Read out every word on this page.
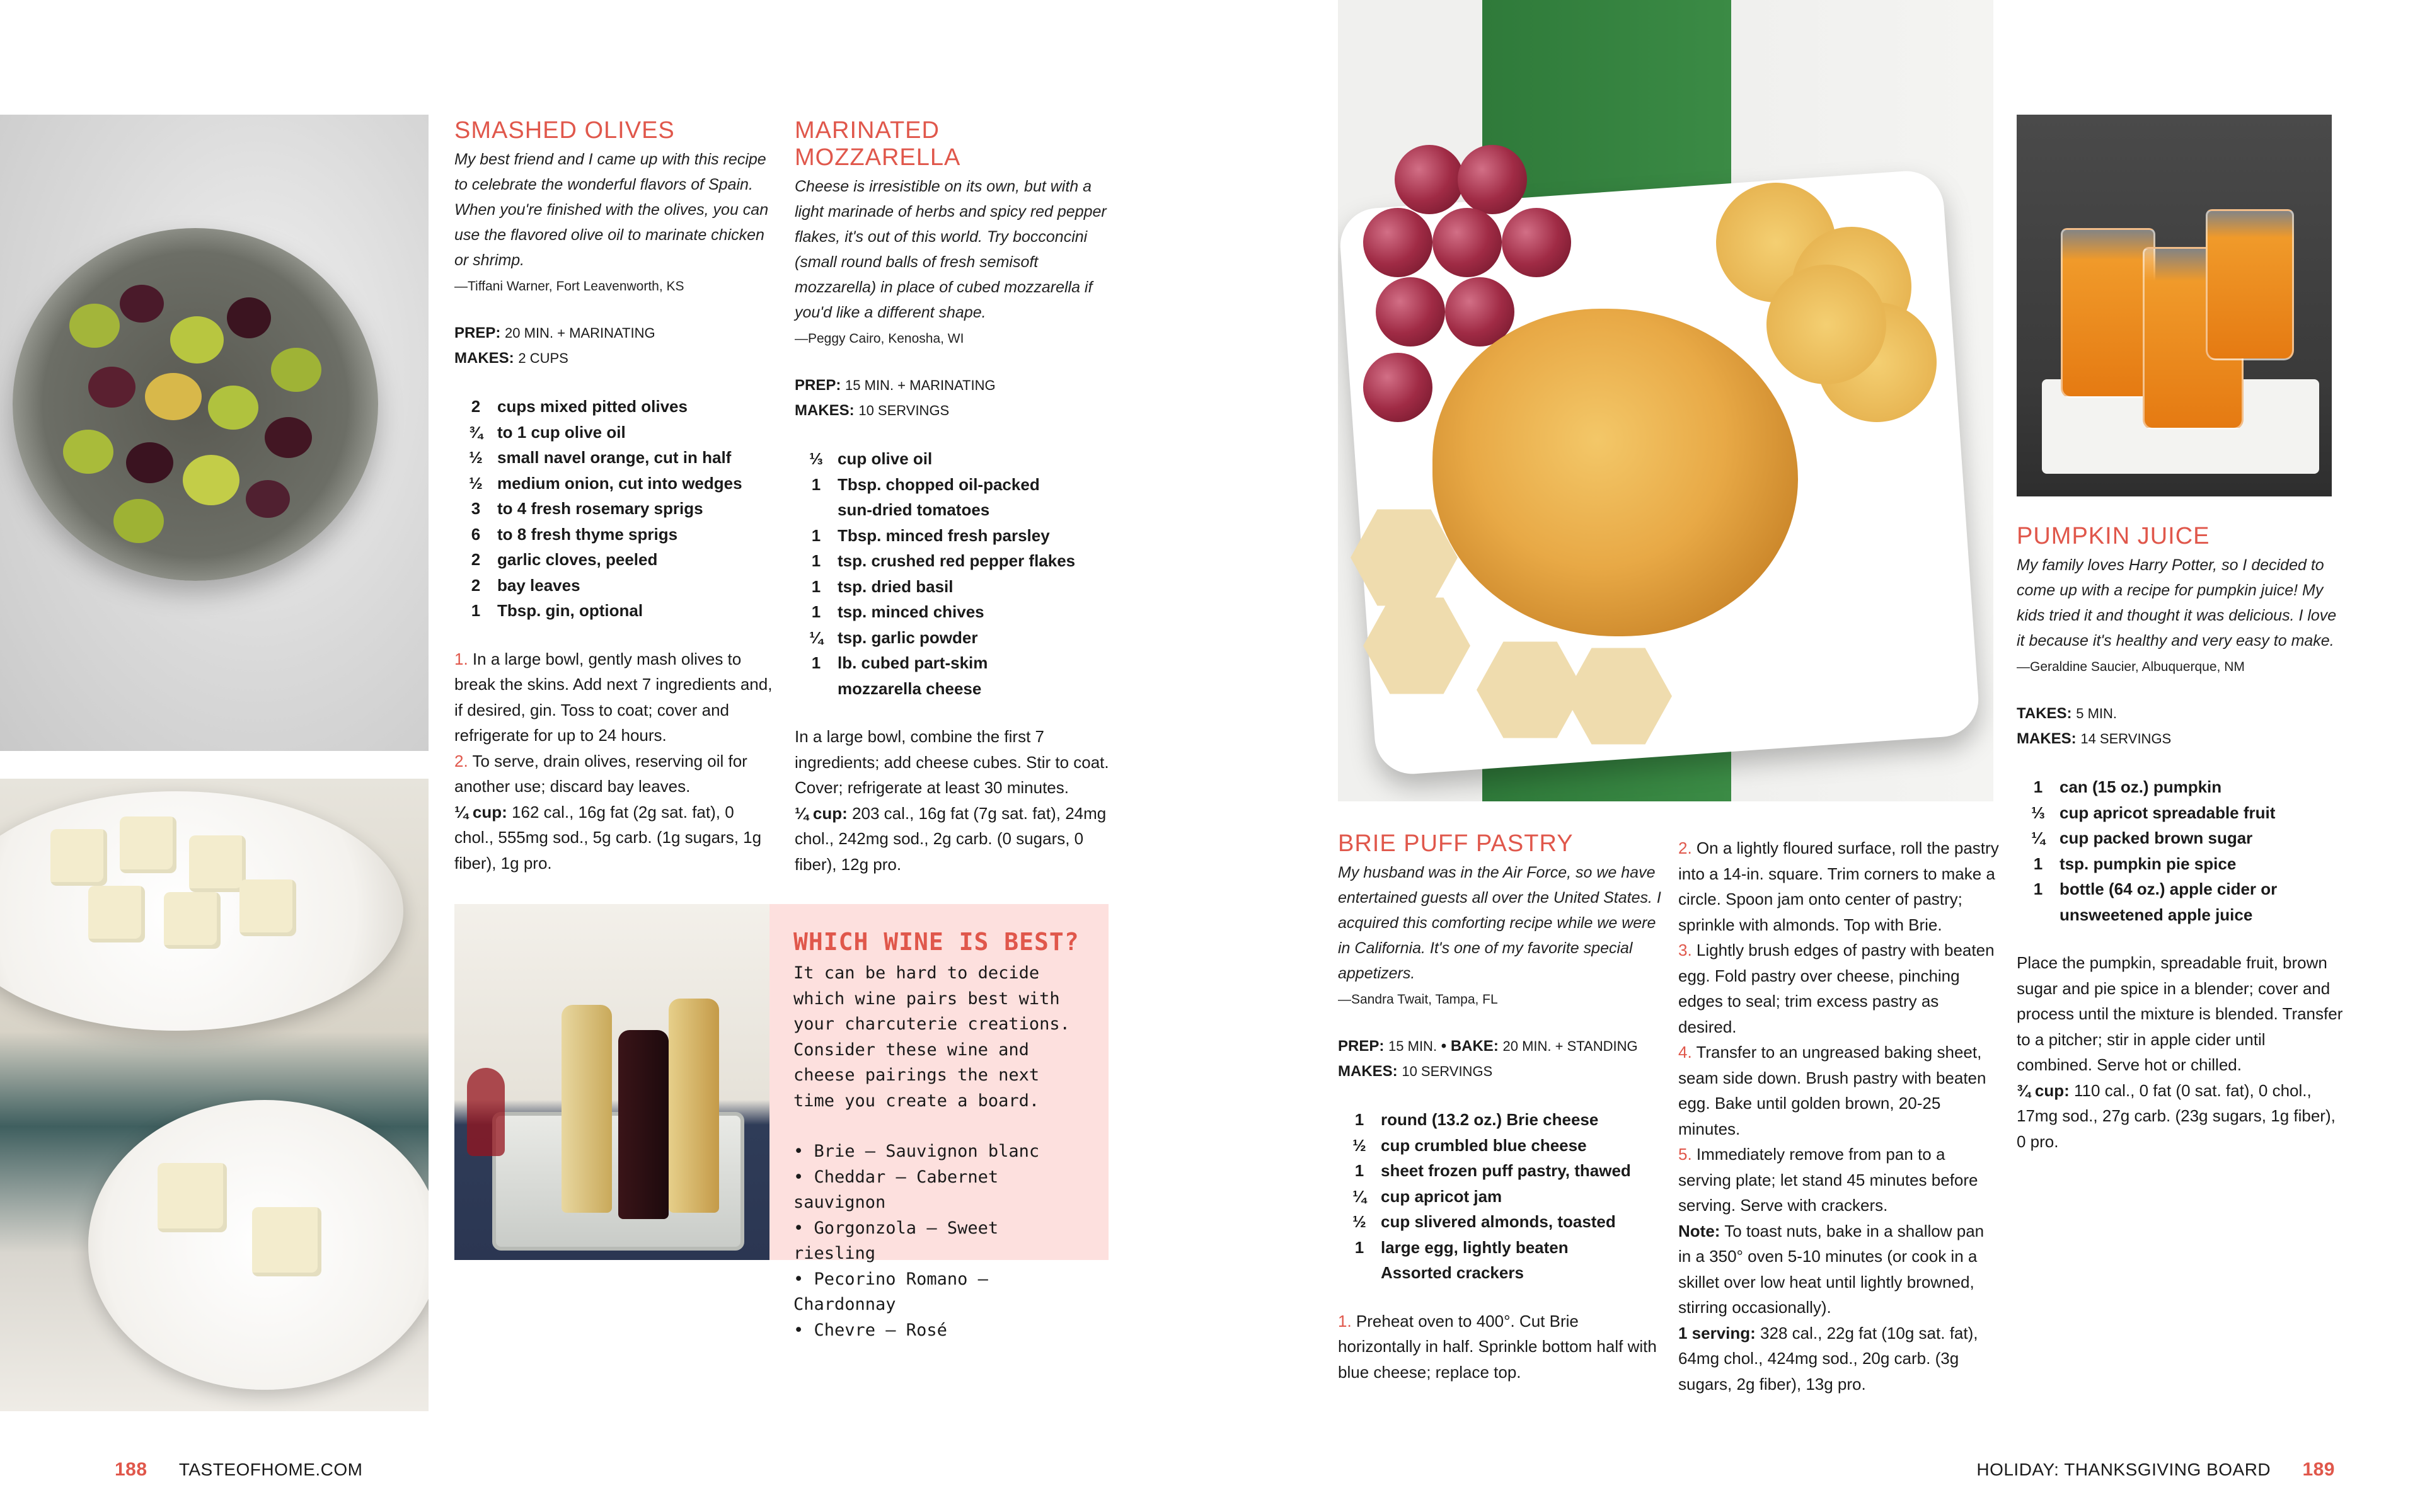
SMASHED OLIVES
My best friend and I came up with this recipe to celebrate the wonderful flavors of Spain. When you're finished with the olives, you can use the flavored olive oil to marinate chicken or shrimp.
—Tiffani Warner, Fort Leavenworth, KS
PREP: 20 MIN. + MARINATING
MAKES: 2 CUPS
2	cups mixed pitted olives
¾ to 1 cup olive oil
½ small navel orange, cut in half
½ medium onion, cut into wedges
3	to 4 fresh rosemary sprigs
6	to 8 fresh thyme sprigs
2	garlic cloves, peeled
2	bay leaves
1	Tbsp. gin, optional

1. In a large bowl, gently mash olives to break the skins. Add next 7 ingredients and, if desired, gin. Toss to coat; cover and refrigerate for up to 24 hours.

2. To serve, drain olives, reserving oil for another use; discard bay leaves.

¼ cup: 162 cal., 16g fat (2g sat. fat), 0 chol., 555mg sod., 5g carb. (1g sugars, 1g fiber), 1g pro.

MARINATED MOZZARELLA
Cheese is irresistible on its own, but with a light marinade of herbs and spicy red pepper flakes, it's out of this world. Try bocconcini (small round balls of fresh semisoft mozzarella) in place of cubed mozzarella if you'd like a different shape.
—Peggy Cairo, Kenosha, WI
PREP: 15 MIN. + MARINATING
MAKES: 10 SERVINGS
⅓ cup olive oil
1	Tbsp. chopped oil-packed
sun-dried tomatoes
1	Tbsp. minced fresh parsley
1	tsp. crushed red pepper flakes
1	tsp. dried basil
1	tsp. minced chives
¼ tsp. garlic powder
1	lb. cubed part-skim
mozzarella cheese

In a large bowl, combine the first 7 ingredients; add cheese cubes. Stir to coat. Cover; refrigerate at least 30 minutes.

¼ cup: 203 cal., 16g fat (7g sat. fat), 24mg chol., 242mg sod., 2g carb. (0 sugars, 0 fiber), 12g pro.

WHICH WINE IS BEST?
It can be hard to decide which wine pairs best with your charcuterie creations. Consider these wine and cheese pairings the next time you create a board.
• Brie — Sauvignon blanc
• Cheddar — Cabernet sauvignon
• Gorgonzola — Sweet riesling
• Pecorino Romano — Chardonnay
• Chevre — Rosé
BRIE PUFF PASTRY
My husband was in the Air Force, so we have entertained guests all over the United States. I acquired this comforting recipe while we were in California. It's one of my favorite special appetizers.
—Sandra Twait, Tampa, FL
PREP: 15 MIN. • BAKE: 20 MIN. + STANDING
MAKES: 10 SERVINGS
1	round (13.2 oz.) Brie cheese
½ cup crumbled blue cheese
1	sheet frozen puff pastry, thawed
¼ cup apricot jam
½ cup slivered almonds, toasted
1	large egg, lightly beaten
Assorted crackers

1. Preheat oven to 400°. Cut Brie horizontally in half. Sprinkle bottom half with blue cheese; replace top.

2. On a lightly floured surface, roll the pastry into a 14-in. square. Trim corners to make a circle. Spoon jam onto center of pastry; sprinkle with almonds. Top with Brie.

3. Lightly brush edges of pastry with beaten egg. Fold pastry over cheese, pinching edges to seal; trim excess pastry as desired.

4. Transfer to an ungreased baking sheet, seam side down. Brush pastry with beaten egg. Bake until golden brown, 20-25 minutes.

5. Immediately remove from pan to a serving plate; let stand 45 minutes before serving. Serve with crackers.

Note: To toast nuts, bake in a shallow pan in a 350° oven 5-10 minutes (or cook in a skillet over low heat until lightly browned, stirring occasionally).

1 serving: 328 cal., 22g fat (10g sat. fat), 64mg chol., 424mg sod., 20g carb. (3g sugars, 2g fiber), 13g pro.

PUMPKIN JUICE
My family loves Harry Potter, so I decided to come up with a recipe for pumpkin juice! My kids tried it and thought it was delicious. I love it because it's healthy and very easy to make.
—Geraldine Saucier, Albuquerque, NM
TAKES: 5 MIN.
MAKES: 14 SERVINGS
1	can (15 oz.) pumpkin
⅓ cup apricot spreadable fruit
¼ cup packed brown sugar
1	tsp. pumpkin pie spice
1	bottle (64 oz.) apple cider or
unsweetened apple juice

Place the pumpkin, spreadable fruit, brown sugar and pie spice in a blender; cover and process until the mixture is blended. Transfer to a pitcher; stir in apple cider until combined. Serve hot or chilled.

¾ cup: 110 cal., 0 fat (0 sat. fat), 0 chol., 17mg sod., 27g carb. (23g sugars, 1g fiber), 0 pro.

188 TASTEOFHOME.COM	HOLIDAY: THANKSGIVING BOARD 189
